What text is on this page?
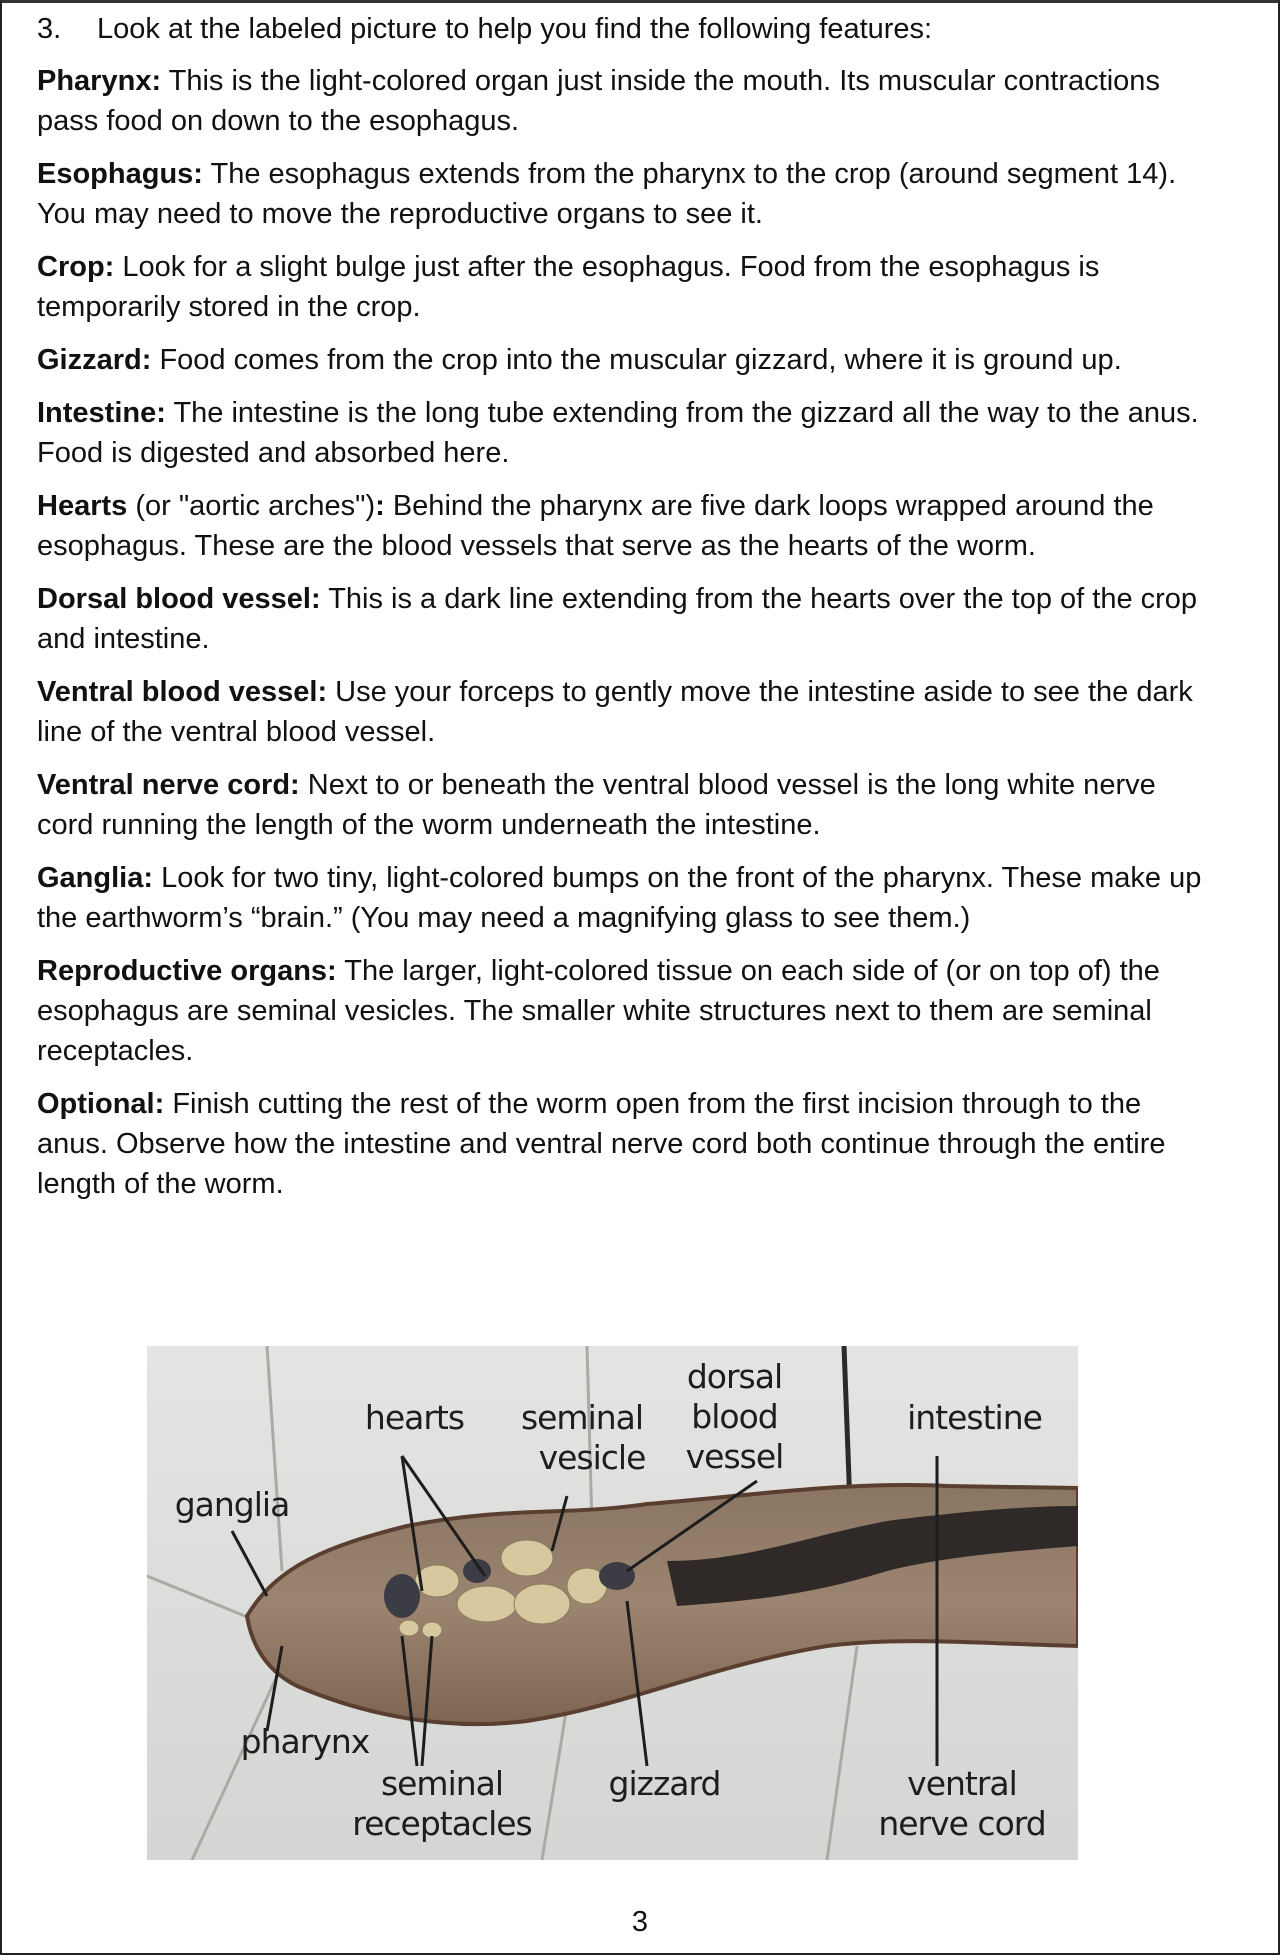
3. Look at the labeled picture to help you find the following features:

Pharynx: This is the light-colored organ just inside the mouth. Its muscular contractions pass food on down to the esophagus.

Esophagus: The esophagus extends from the pharynx to the crop (around segment 14). You may need to move the reproductive organs to see it.

Crop: Look for a slight bulge just after the esophagus. Food from the esophagus is temporarily stored in the crop.

Gizzard: Food comes from the crop into the muscular gizzard, where it is ground up.

Intestine: The intestine is the long tube extending from the gizzard all the way to the anus. Food is digested and absorbed here.

Hearts (or "aortic arches"): Behind the pharynx are five dark loops wrapped around the esophagus. These are the blood vessels that serve as the hearts of the worm.

Dorsal blood vessel: This is a dark line extending from the hearts over the top of the crop and intestine.

Ventral blood vessel: Use your forceps to gently move the intestine aside to see the dark line of the ventral blood vessel.

Ventral nerve cord: Next to or beneath the ventral blood vessel is the long white nerve cord running the length of the worm underneath the intestine.

Ganglia: Look for two tiny, light-colored bumps on the front of the pharynx. These make up the earthworm’s “brain.” (You may need a magnifying glass to see them.)

Reproductive organs: The larger, light-colored tissue on each side of (or on top of) the esophagus are seminal vesicles. The smaller white structures next to them are seminal receptacles.

Optional: Finish cutting the rest of the worm open from the first incision through to the anus. Observe how the intestine and ventral nerve cord both continue through the entire length of the worm.

dorsal
blood
vessel
hearts	seminal
vesicle
intestine
ganglia
pharynx
seminal
receptacles
gizzard	ventral
nerve cord
3
